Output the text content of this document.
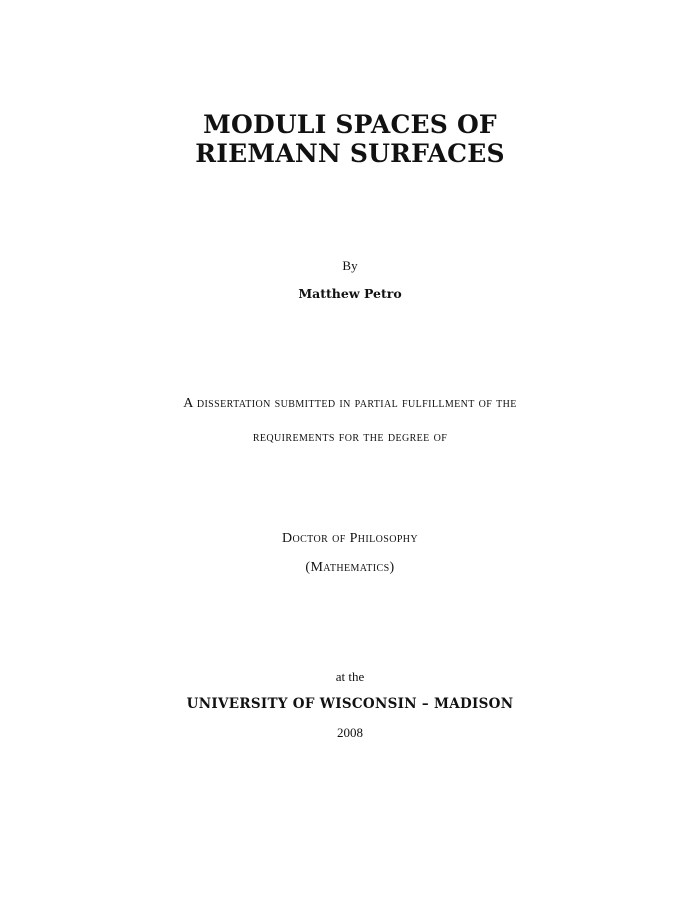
MODULI SPACES OF
RIEMANN SURFACES
By
Matthew Petro
A dissertation submitted in partial fulfillment of the
requirements for the degree of
Doctor of Philosophy
(Mathematics)
at the
UNIVERSITY OF WISCONSIN – MADISON
2008
